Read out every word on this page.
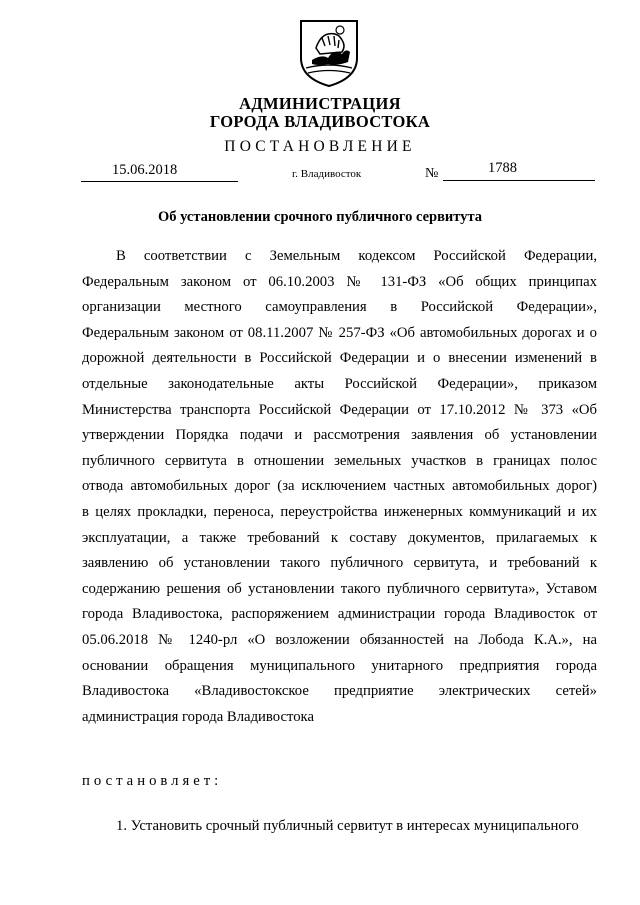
АДМИНИСТРАЦИЯ
ГОРОДА ВЛАДИВОСТОКА
ПОСТАНОВЛЕНИЕ
15.06.2018	г. Владивосток	№	1788
Об установлении срочного публичного сервитута
В соответствии с Земельным кодексом Российской Федерации,
Федеральным законом от 06.10.2003 № 131-ФЗ «Об общих принципах
организации местного самоуправления в Российской Федерации»,
Федеральным законом от 08.11.2007 № 257-ФЗ «Об автомобильных дорогах и о
дорожной деятельности в Российской Федерации и о внесении изменений в
отдельные законодательные акты Российской Федерации», приказом
Министерства транспорта Российской Федерации от 17.10.2012 № 373 «Об
утверждении Порядка подачи и рассмотрения заявления об установлении
публичного сервитута в отношении земельных участков в границах полос
отвода автомобильных дорог (за исключением частных автомобильных дорог)
в целях прокладки, переноса, переустройства инженерных коммуникаций и их
эксплуатации, а также требований к составу документов, прилагаемых к
заявлению об установлении такого публичного сервитута, и требований к
содержанию решения об установлении такого публичного сервитута», Уставом
города Владивостока, распоряжением администрации города Владивосток от
05.06.2018 № 1240-рл «О возложении обязанностей на Лобода К.А.», на
основании обращения муниципального унитарного предприятия города
Владивостока «Владивостокское предприятие электрических сетей»
администрация города Владивостока
постановляет:
1. Установить срочный публичный сервитут в интересах муниципального
